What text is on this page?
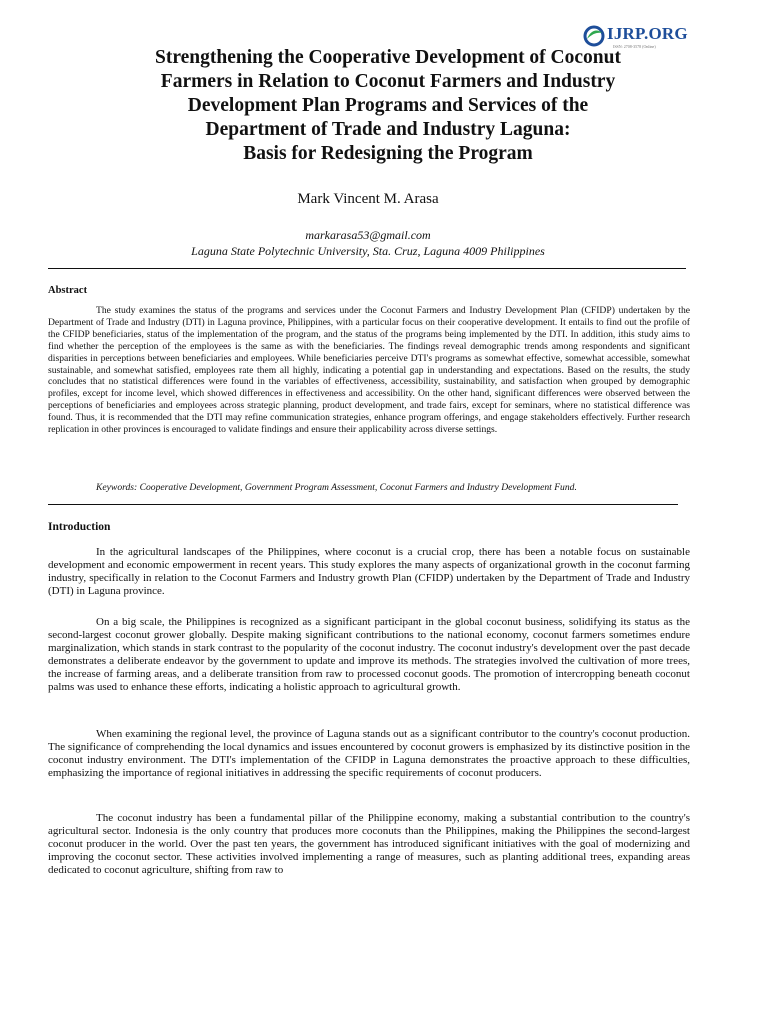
IJRP.ORG
ISSN: 2708-3578 (Online)
Strengthening the Cooperative Development of Coconut
Farmers in Relation to Coconut Farmers and Industry
Development Plan Programs and Services of the
Department of Trade and Industry Laguna:
Basis for Redesigning the Program
Mark Vincent M. Arasa
markarasa53@gmail.com
Laguna State Polytechnic University, Sta. Cruz, Laguna 4009 Philippines
Abstract

The study examines the status of the programs and services under the Coconut Farmers and Industry Development Plan (CFIDP) undertaken by the Department of Trade and Industry (DTI) in Laguna province, Philippines, with a particular focus on their cooperative development. It entails to find out the profile of the CFIDP beneficiaries, status of the implementation of the program, and the status of the programs being implemented by the DTI. In addition, ithis study aims to find whether the perception of the employees is the same as with the beneficiaries. The findings reveal demographic trends among respondents and significant disparities in perceptions between beneficiaries and employees. While beneficiaries perceive DTI's programs as somewhat effective, somewhat accessible, somewhat sustainable, and somewhat satisfied, employees rate them all highly, indicating a potential gap in understanding and expectations. Based on the results, the study concludes that no statistical differences were found in the variables of effectiveness, accessibility, sustainability, and satisfaction when grouped by demographic profiles, except for income level, which showed differences in effectiveness and accessibility. On the other hand, significant differences were observed between the perceptions of beneficiaries and employees across strategic planning, product development, and trade fairs, except for seminars, where no statistical difference was found. Thus, it is recommended that the DTI may refine communication strategies, enhance program offerings, and engage stakeholders effectively. Further research replication in other provinces is encouraged to validate findings and ensure their applicability across diverse settings.

Keywords: Cooperative Development, Government Program Assessment, Coconut Farmers and Industry Development Fund.

Introduction

In the agricultural landscapes of the Philippines, where coconut is a crucial crop, there has been a notable focus on sustainable development and economic empowerment in recent years. This study explores the many aspects of organizational growth in the coconut farming industry, specifically in relation to the Coconut Farmers and Industry growth Plan (CFIDP) undertaken by the Department of Trade and Industry (DTI) in Laguna province.

On a big scale, the Philippines is recognized as a significant participant in the global coconut business, solidifying its status as the second-largest coconut grower globally. Despite making significant contributions to the national economy, coconut farmers sometimes endure marginalization, which stands in stark contrast to the popularity of the coconut industry. The coconut industry's development over the past decade demonstrates a deliberate endeavor by the government to update and improve its methods. The strategies involved the cultivation of more trees, the increase of farming areas, and a deliberate transition from raw to processed coconut goods. The promotion of intercropping beneath coconut palms was used to enhance these efforts, indicating a holistic approach to agricultural growth.

When examining the regional level, the province of Laguna stands out as a significant contributor to the country's coconut production. The significance of comprehending the local dynamics and issues encountered by coconut growers is emphasized by its distinctive position in the coconut industry environment. The DTI's implementation of the CFIDP in Laguna demonstrates the proactive approach to these difficulties, emphasizing the importance of regional initiatives in addressing the specific requirements of coconut producers.

The coconut industry has been a fundamental pillar of the Philippine economy, making a substantial contribution to the country's agricultural sector. Indonesia is the only country that produces more coconuts than the Philippines, making the Philippines the second-largest coconut producer in the world. Over the past ten years, the government has introduced significant initiatives with the goal of modernizing and improving the coconut sector. These activities involved implementing a range of measures, such as planting additional trees, expanding areas dedicated to coconut agriculture, shifting from raw to
